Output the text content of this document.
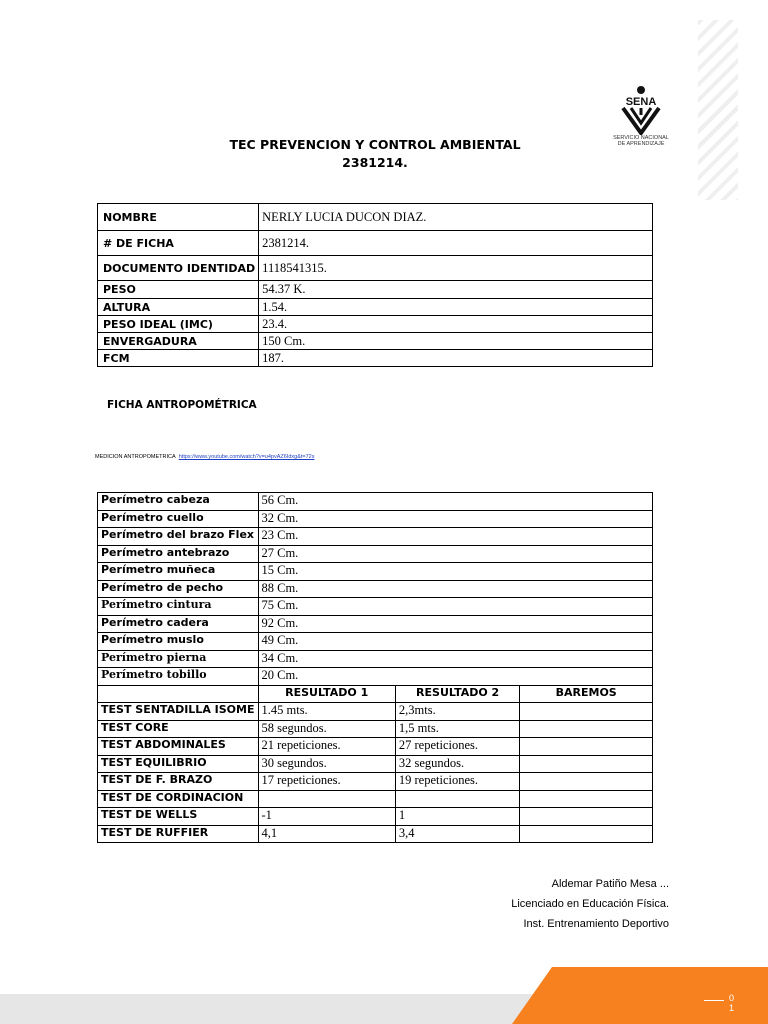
SENA
SERVICIO NACIONAL
DE APRENDIZAJE
TEC PREVENCION Y CONTROL AMBIENTAL
2381214.
NOMBRE	NERLY LUCIA DUCON DIAZ.
# DE FICHA	2381214.
DOCUMENTO IDENTIDAD	1118541315.
PESO	54.37 K.
ALTURA	1.54.
PESO IDEAL (IMC)	23.4.
ENVERGADURA	150 Cm.
FCM	187.
FICHA ANTROPOMÉTRICA
MEDICION ANTROPOMETRICA https://www.youtube.com/watch?v=u4pvAZ6Idxg&t=72s
Perímetro cabeza	56 Cm.		
Perímetro cuello	32 Cm.		
Perímetro del brazo Flex	23 Cm.		
Perímetro antebrazo	27 Cm.		
Perímetro muñeca	15 Cm.		
Perímetro de pecho	88 Cm.		
Perímetro cintura	75 Cm.		
Perímetro cadera	92 Cm.		
Perímetro muslo	49 Cm.		
Perímetro pierna	34 Cm.		
Perímetro tobillo	20 Cm.		
	RESULTADO 1	RESULTADO 2	BAREMOS
TEST SENTADILLA ISOME	1.45 mts.	2,3mts.	
TEST CORE	58 segundos.	1,5 mts.	
TEST ABDOMINALES	21 repeticiones.	27 repeticiones.	
TEST EQUILIBRIO	30 segundos.	32 segundos.	
TEST DE F. BRAZO	17 repeticiones.	19 repeticiones.	
TEST DE CORDINACION			
TEST DE WELLS	-1	1	
TEST DE RUFFIER	4,1	3,4	
Aldemar Patiño Mesa ...
Licenciado en Educación Física.
Inst. Entrenamiento Deportivo
0
1
